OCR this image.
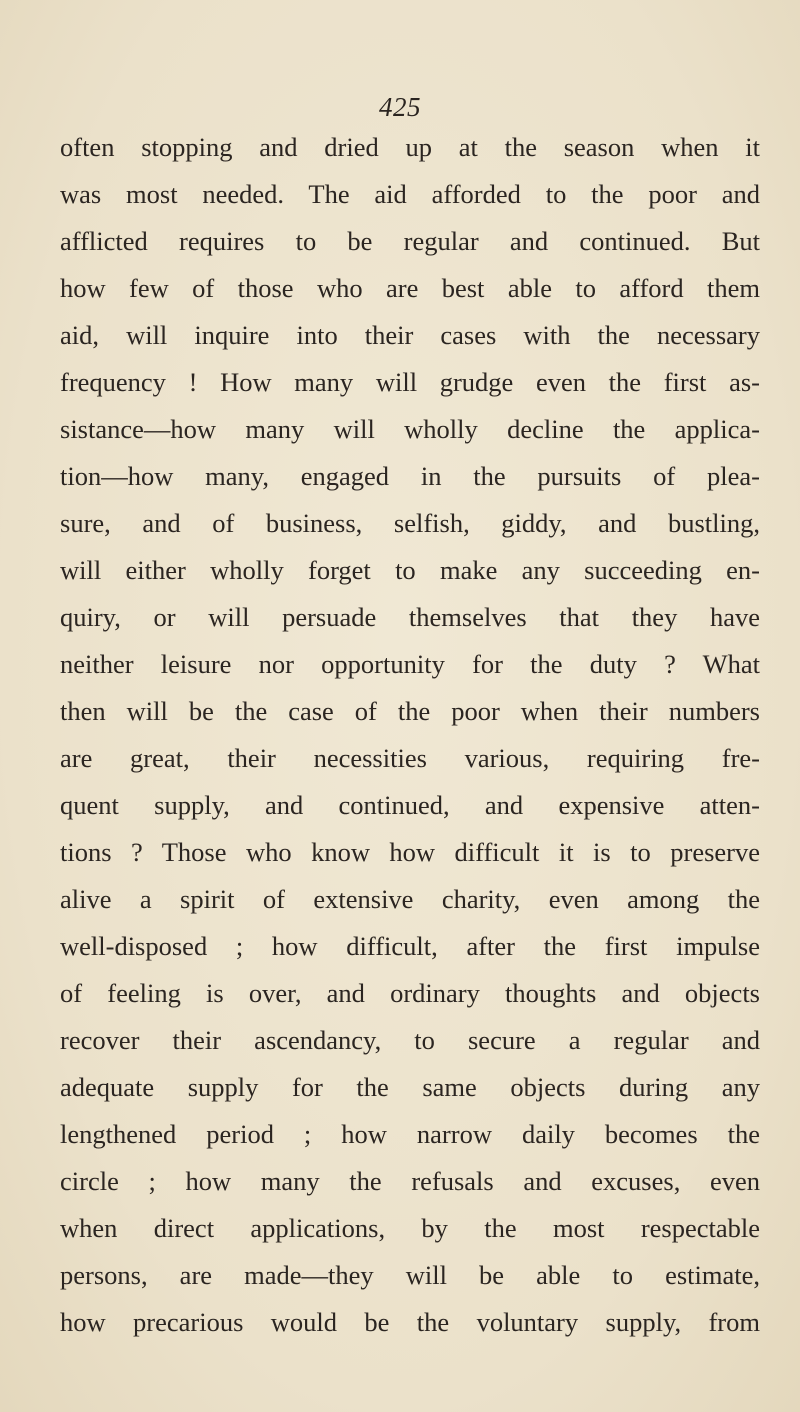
425
often stopping and dried up at the season when it
was most needed. The aid afforded to the poor and
afflicted requires to be regular and continued. But
how few of those who are best able to afford them
aid, will inquire into their cases with the necessary
frequency ! How many will grudge even the first as-
sistance—how many will wholly decline the applica-
tion—how many, engaged in the pursuits of plea-
sure, and of business, selfish, giddy, and bustling,
will either wholly forget to make any succeeding en-
quiry, or will persuade themselves that they have
neither leisure nor opportunity for the duty ? What
then will be the case of the poor when their numbers
are great, their necessities various, requiring fre-
quent supply, and continued, and expensive atten-
tions ? Those who know how difficult it is to preserve
alive a spirit of extensive charity, even among the
well-disposed ; how difficult, after the first impulse
of feeling is over, and ordinary thoughts and objects
recover their ascendancy, to secure a regular and
adequate supply for the same objects during any
lengthened period ; how narrow daily becomes the
circle ; how many the refusals and excuses, even
when direct applications, by the most respectable
persons, are made—they will be able to estimate,
how precarious would be the voluntary supply, from
